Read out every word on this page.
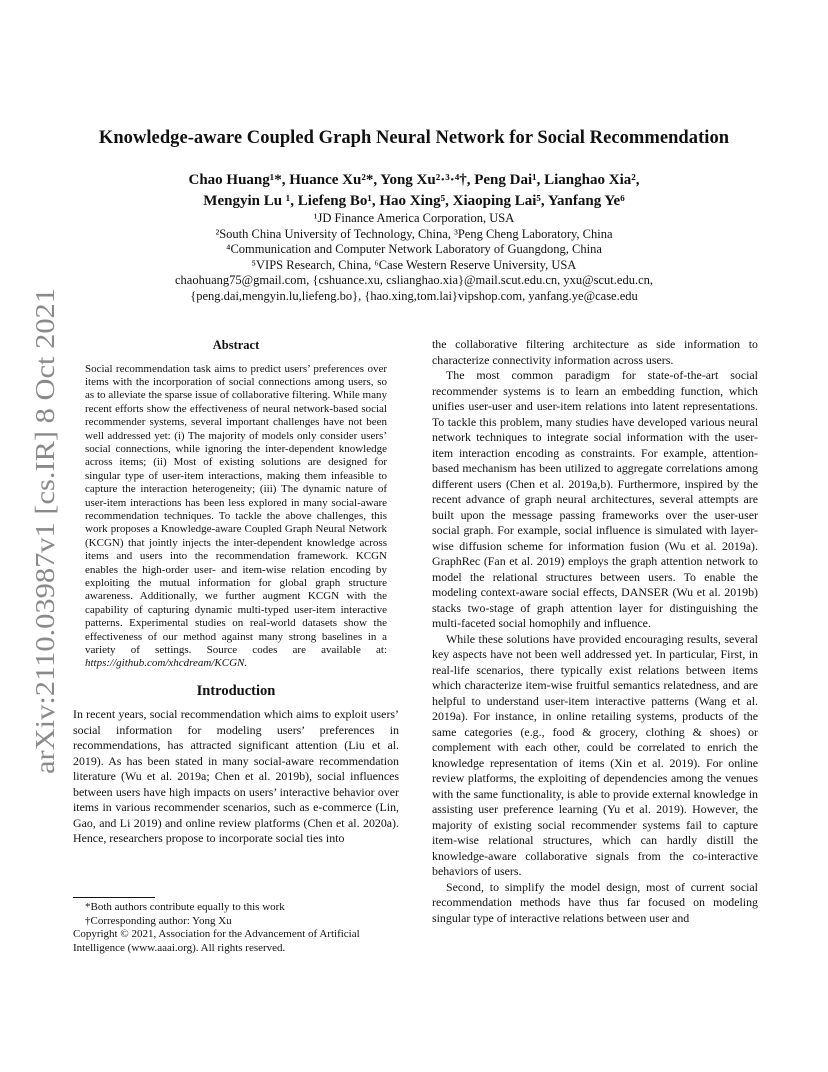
arXiv:2110.03987v1 [cs.IR] 8 Oct 2021
Knowledge-aware Coupled Graph Neural Network for Social Recommendation
Chao Huang¹*, Huance Xu²*, Yong Xu²·³·⁴†, Peng Dai¹, Lianghao Xia²,
Mengyin Lu ¹, Liefeng Bo¹, Hao Xing⁵, Xiaoping Lai⁵, Yanfang Ye⁶
¹JD Finance America Corporation, USA
²South China University of Technology, China, ³Peng Cheng Laboratory, China
⁴Communication and Computer Network Laboratory of Guangdong, China
⁵VIPS Research, China, ⁶Case Western Reserve University, USA
chaohuang75@gmail.com, {cshuance.xu, cslianghao.xia}@mail.scut.edu.cn, yxu@scut.edu.cn,
{peng.dai,mengyin.lu,liefeng.bo}, {hao.xing,tom.lai}vipshop.com, yanfang.ye@case.edu
Abstract
Social recommendation task aims to predict users’ preferences over items with the incorporation of social connections among users, so as to alleviate the sparse issue of collaborative filtering. While many recent efforts show the effectiveness of neural network-based social recommender systems, several important challenges have not been well addressed yet: (i) The majority of models only consider users’ social connections, while ignoring the inter-dependent knowledge across items; (ii) Most of existing solutions are designed for singular type of user-item interactions, making them infeasible to capture the interaction heterogeneity; (iii) The dynamic nature of user-item interactions has been less explored in many social-aware recommendation techniques. To tackle the above challenges, this work proposes a Knowledge-aware Coupled Graph Neural Network (KCGN) that jointly injects the inter-dependent knowledge across items and users into the recommendation framework. KCGN enables the high-order user- and item-wise relation encoding by exploiting the mutual information for global graph structure awareness. Additionally, we further augment KCGN with the capability of capturing dynamic multi-typed user-item interactive patterns. Experimental studies on real-world datasets show the effectiveness of our method against many strong baselines in a variety of settings. Source codes are available at: https://github.com/xhcdream/KCGN.
Introduction

In recent years, social recommendation which aims to exploit users’ social information for modeling users’ preferences in recommendations, has attracted significant attention (Liu et al. 2019). As has been stated in many social-aware recommendation literature (Wu et al. 2019a; Chen et al. 2019b), social influences between users have high impacts on users’ interactive behavior over items in various recommender scenarios, such as e-commerce (Lin, Gao, and Li 2019) and online review platforms (Chen et al. 2020a). Hence, researchers propose to incorporate social ties into

*Both authors contribute equally to this work
†Corresponding author: Yong Xu
Copyright © 2021, Association for the Advancement of Artificial Intelligence (www.aaai.org). All rights reserved.

the collaborative filtering architecture as side information to characterize connectivity information across users.

The most common paradigm for state-of-the-art social recommender systems is to learn an embedding function, which unifies user-user and user-item relations into latent representations. To tackle this problem, many studies have developed various neural network techniques to integrate social information with the user-item interaction encoding as constraints. For example, attention-based mechanism has been utilized to aggregate correlations among different users (Chen et al. 2019a,b). Furthermore, inspired by the recent advance of graph neural architectures, several attempts are built upon the message passing frameworks over the user-user social graph. For example, social influence is simulated with layer-wise diffusion scheme for information fusion (Wu et al. 2019a). GraphRec (Fan et al. 2019) employs the graph attention network to model the relational structures between users. To enable the modeling context-aware social effects, DANSER (Wu et al. 2019b) stacks two-stage of graph attention layer for distinguishing the multi-faceted social homophily and influence.

While these solutions have provided encouraging results, several key aspects have not been well addressed yet. In particular, First, in real-life scenarios, there typically exist relations between items which characterize item-wise fruitful semantics relatedness, and are helpful to understand user-item interactive patterns (Wang et al. 2019a). For instance, in online retailing systems, products of the same categories (e.g., food & grocery, clothing & shoes) or complement with each other, could be correlated to enrich the knowledge representation of items (Xin et al. 2019). For online review platforms, the exploiting of dependencies among the venues with the same functionality, is able to provide external knowledge in assisting user preference learning (Yu et al. 2019). However, the majority of existing social recommender systems fail to capture item-wise relational structures, which can hardly distill the knowledge-aware collaborative signals from the co-interactive behaviors of users.

Second, to simplify the model design, most of current social recommendation methods have thus far focused on modeling singular type of interactive relations between user and
